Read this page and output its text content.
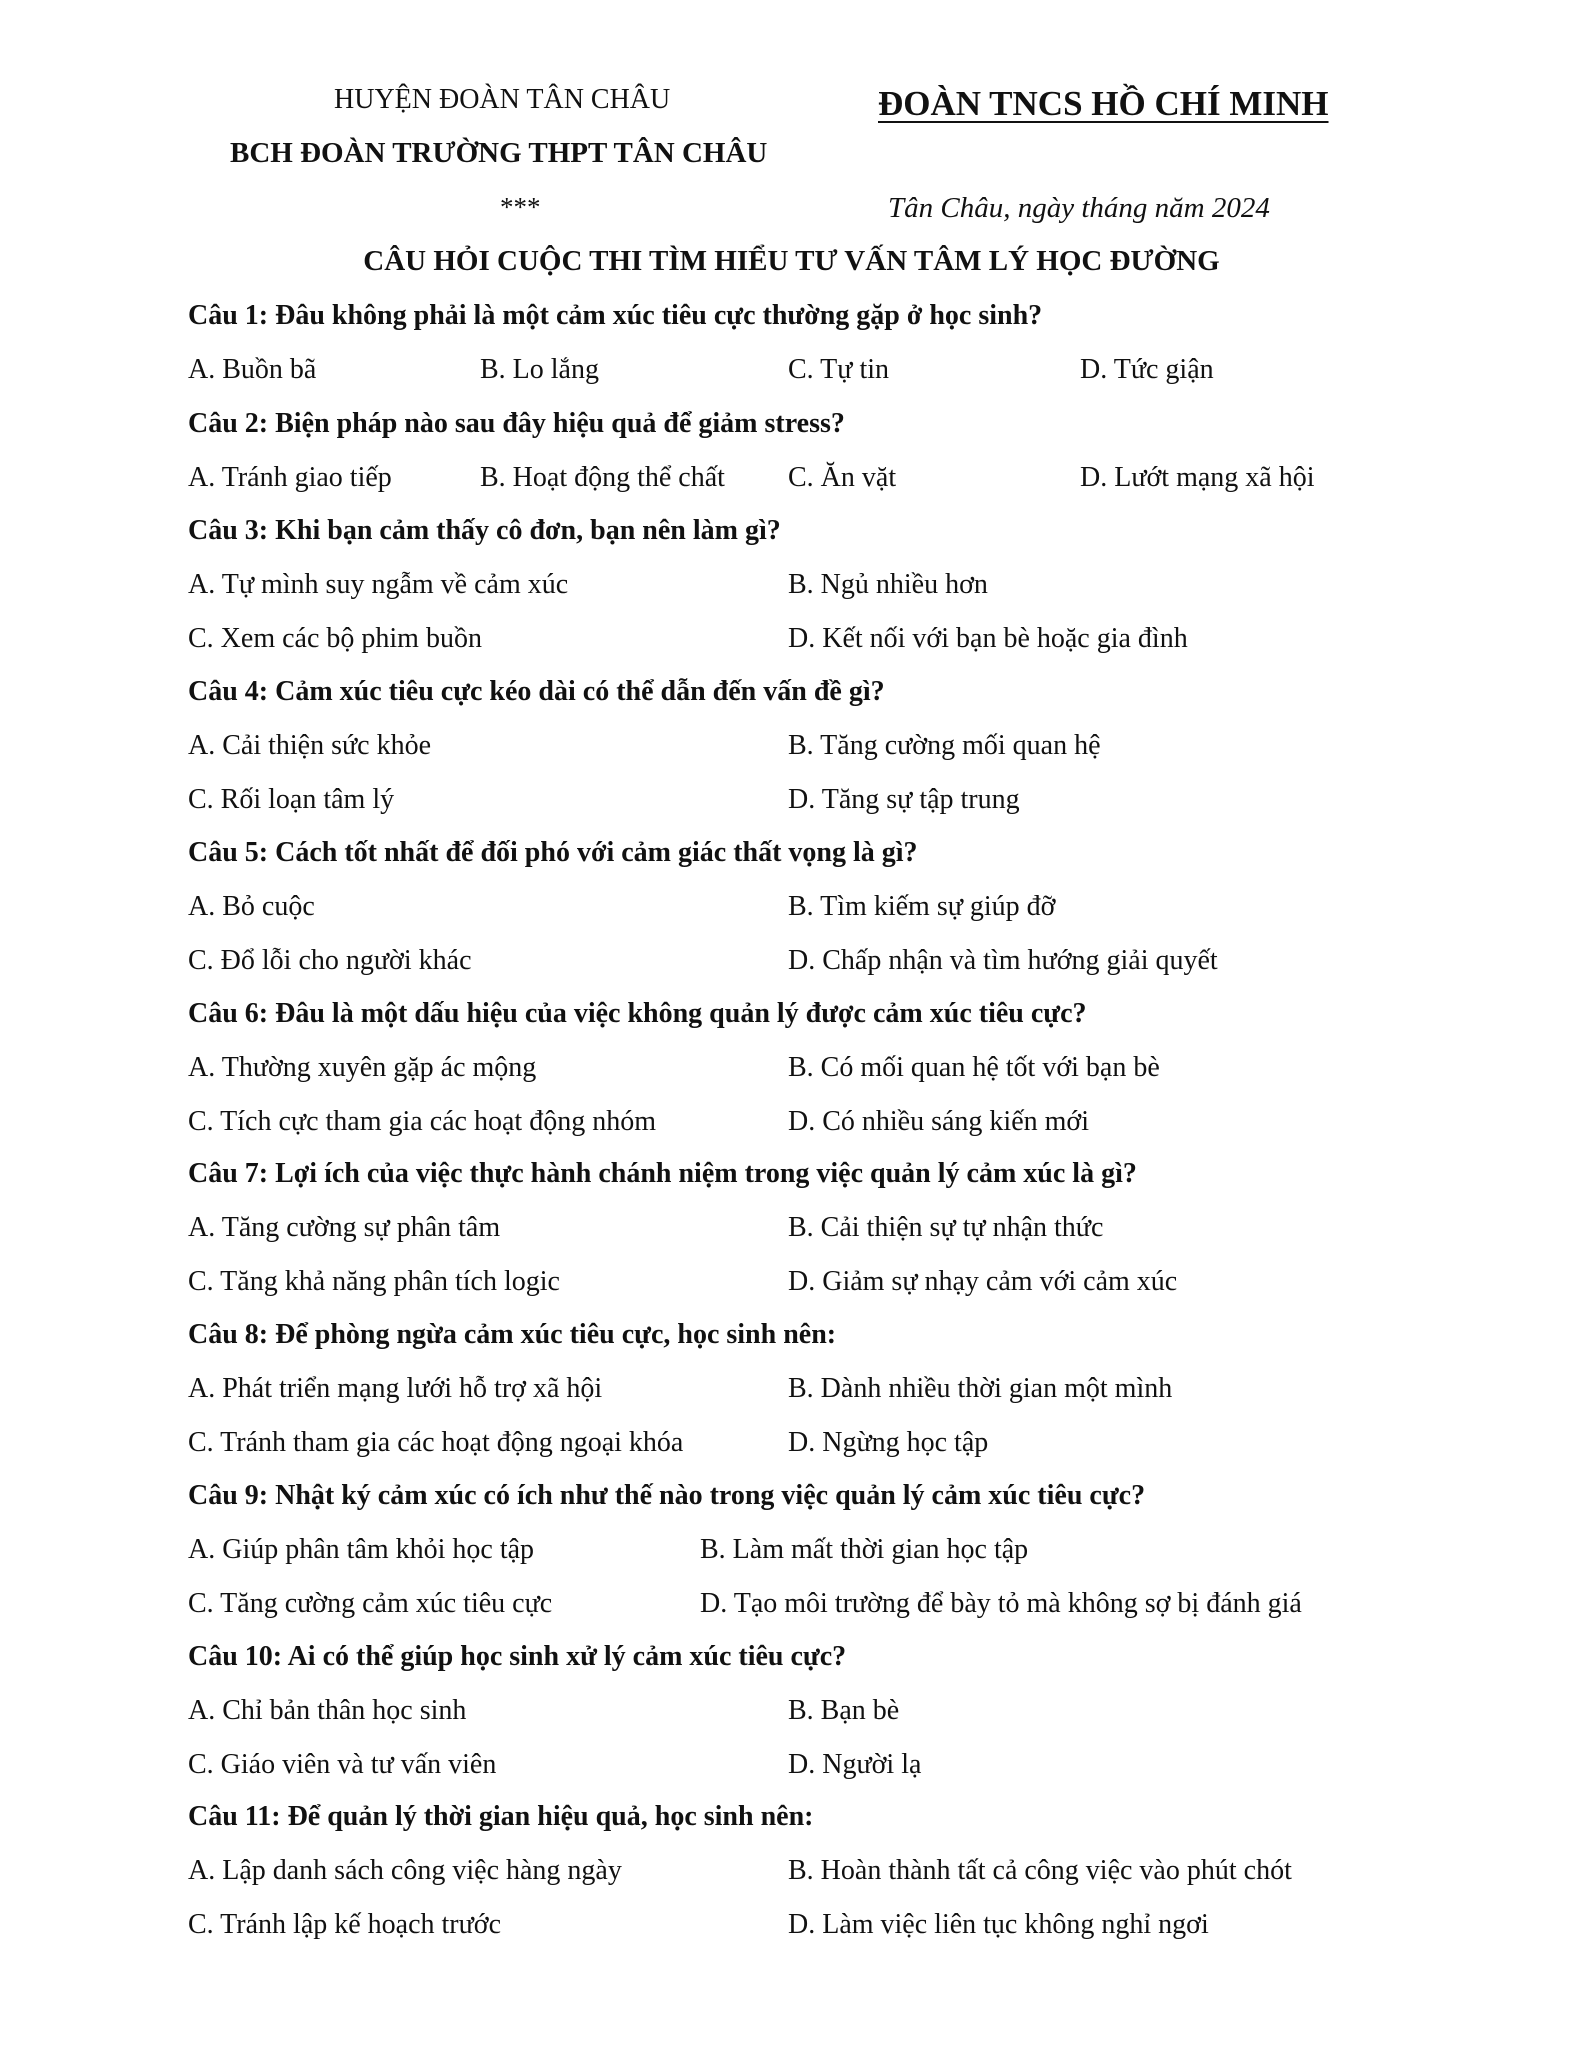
HUYỆN ĐOÀN TÂN CHÂU
BCH ĐOÀN TRƯỜNG THPT TÂN CHÂU
***
ĐOÀN TNCS HỒ CHÍ MINH
Tân Châu, ngày tháng năm 2024
CÂU HỎI CUỘC THI TÌM HIỂU TƯ VẤN TÂM LÝ HỌC ĐƯỜNG
Câu 1: Đâu không phải là một cảm xúc tiêu cực thường gặp ở học sinh?
A. Buồn bã	B. Lo lắng	C. Tự tin	D. Tức giận
Câu 2: Biện pháp nào sau đây hiệu quả để giảm stress?
A. Tránh giao tiếp	B. Hoạt động thể chất C. Ăn vặt	D. Lướt mạng xã hội
Câu 3: Khi bạn cảm thấy cô đơn, bạn nên làm gì?
A. Tự mình suy ngẫm về cảm xúc	B. Ngủ nhiều hơn
C. Xem các bộ phim buồn	D. Kết nối với bạn bè hoặc gia đình
Câu 4: Cảm xúc tiêu cực kéo dài có thể dẫn đến vấn đề gì?
A. Cải thiện sức khỏe	B. Tăng cường mối quan hệ
C. Rối loạn tâm lý	D. Tăng sự tập trung
Câu 5: Cách tốt nhất để đối phó với cảm giác thất vọng là gì?
A. Bỏ cuộc	B. Tìm kiếm sự giúp đỡ
C. Đổ lỗi cho người khác	D. Chấp nhận và tìm hướng giải quyết
Câu 6: Đâu là một dấu hiệu của việc không quản lý được cảm xúc tiêu cực?
A. Thường xuyên gặp ác mộng	B. Có mối quan hệ tốt với bạn bè
C. Tích cực tham gia các hoạt động nhóm	D. Có nhiều sáng kiến mới
Câu 7: Lợi ích của việc thực hành chánh niệm trong việc quản lý cảm xúc là gì?
A. Tăng cường sự phân tâm	B. Cải thiện sự tự nhận thức
C. Tăng khả năng phân tích logic	D. Giảm sự nhạy cảm với cảm xúc
Câu 8: Để phòng ngừa cảm xúc tiêu cực, học sinh nên:
A. Phát triển mạng lưới hỗ trợ xã hội	B. Dành nhiều thời gian một mình
C. Tránh tham gia các hoạt động ngoại khóa	D. Ngừng học tập
Câu 9: Nhật ký cảm xúc có ích như thế nào trong việc quản lý cảm xúc tiêu cực?
A. Giúp phân tâm khỏi học tập	B. Làm mất thời gian học tập
C. Tăng cường cảm xúc tiêu cực	D. Tạo môi trường để bày tỏ mà không sợ bị đánh giá
Câu 10: Ai có thể giúp học sinh xử lý cảm xúc tiêu cực?
A. Chỉ bản thân học sinh	B. Bạn bè
C. Giáo viên và tư vấn viên	D. Người lạ
Câu 11: Để quản lý thời gian hiệu quả, học sinh nên:
A. Lập danh sách công việc hàng ngày	B. Hoàn thành tất cả công việc vào phút chót
C. Tránh lập kế hoạch trước	D. Làm việc liên tục không nghỉ ngơi
